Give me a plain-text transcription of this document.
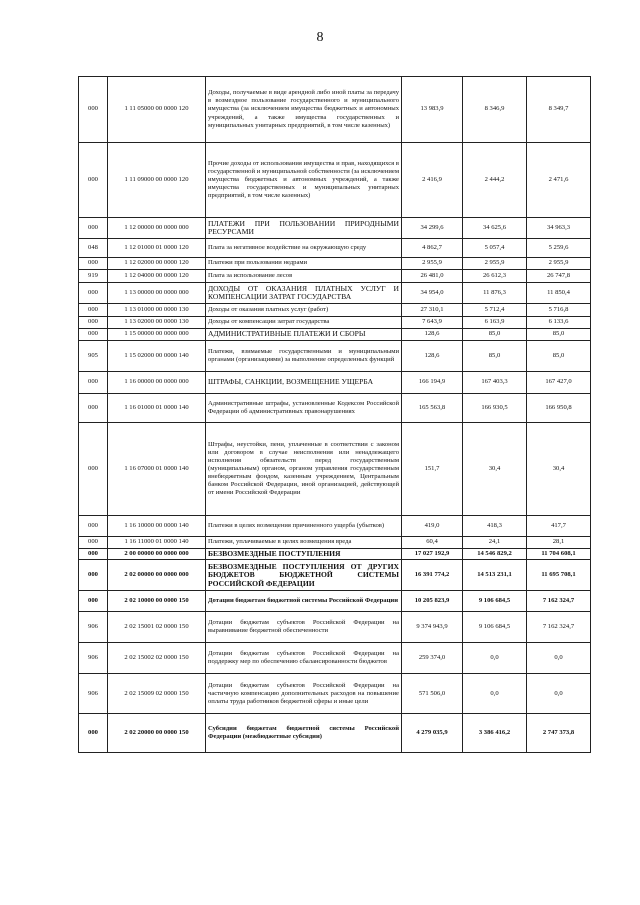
8
000	1 11 05000 00 0000 120	Доходы, получаемые в виде арендной либо иной платы за передачу в возмездное пользование государственного и муниципального имущества (за исключением имущества бюджетных и автономных учреждений, а также имущества государственных и муниципальных унитарных предприятий, в том числе казенных)	13 983,9	8 346,9	8 349,7
000	1 11 09000 00 0000 120	Прочие доходы от использования имущества и прав, находящихся в государственной и муниципальной собственности (за исключением имущества бюджетных и автономных учреждений, а также имущества государственных и муниципальных унитарных предприятий, в том числе казенных)	2 416,9	2 444,2	2 471,6
000	1 12 00000 00 0000 000	ПЛАТЕЖИ ПРИ ПОЛЬЗОВАНИИ ПРИРОДНЫМИ РЕСУРСАМИ	34 299,6	34 625,6	34 963,3
048	1 12 01000 01 0000 120	Плата за негативное воздействие на окружающую среду	4 862,7	5 057,4	5 259,6
000	1 12 02000 00 0000 120	Платежи при пользовании недрами	2 955,9	2 955,9	2 955,9
919	1 12 04000 00 0000 120	Плата за использование лесов	26 481,0	26 612,3	26 747,8
000	1 13 00000 00 0000 000	ДОХОДЫ ОТ ОКАЗАНИЯ ПЛАТНЫХ УСЛУГ И КОМПЕНСАЦИИ ЗАТРАТ ГОСУДАРСТВА	34 954,0	11 876,3	11 850,4
000	1 13 01000 00 0000 130	Доходы от оказания платных услуг (работ)	27 310,1	5 712,4	5 716,8
000	1 13 02000 00 0000 130	Доходы от компенсации затрат государства	7 643,9	6 163,9	6 133,6
000	1 15 00000 00 0000 000	АДМИНИСТРАТИВНЫЕ ПЛАТЕЖИ И СБОРЫ	128,6	85,0	85,0
905	1 15 02000 00 0000 140	Платежи, взимаемые государственными и муниципальными органами (организациями) за выполнение определенных функций	128,6	85,0	85,0
000	1 16 00000 00 0000 000	ШТРАФЫ, САНКЦИИ, ВОЗМЕЩЕНИЕ УЩЕРБА	166 194,9	167 403,3	167 427,0
000	1 16 01000 01 0000 140	Административные штрафы, установленные Кодексом Российской Федерации об административных правонарушениях	165 563,8	166 930,5	166 950,8
000	1 16 07000 01 0000 140	Штрафы, неустойки, пени, уплаченные в соответствии с законом или договором в случае неисполнения или ненадлежащего исполнения обязательств перед государственным (муниципальным) органом, органом управления государственным внебюджетным фондом, казенным учреждением, Центральным банком Российской Федерации, иной организацией, действующей от имени Российской Федерации	151,7	30,4	30,4
000	1 16 10000 00 0000 140	Платежи в целях возмещения причиненного ущерба (убытков)	419,0	418,3	417,7
000	1 16 11000 01 0000 140	Платежи, уплачиваемые в целях возмещения вреда	60,4	24,1	28,1
000	2 00 00000 00 0000 000	БЕЗВОЗМЕЗДНЫЕ ПОСТУПЛЕНИЯ	17 027 192,9	14 546 829,2	11 704 608,1
000	2 02 00000 00 0000 000	БЕЗВОЗМЕЗДНЫЕ ПОСТУПЛЕНИЯ ОТ ДРУГИХ БЮДЖЕТОВ БЮДЖЕТНОЙ СИСТЕМЫ РОССИЙСКОЙ ФЕДЕРАЦИИ	16 391 774,2	14 513 231,1	11 695 708,1
000	2 02 10000 00 0000 150	Дотации бюджетам бюджетной системы Российской Федерации	10 205 823,9	9 106 684,5	7 162 324,7
906	2 02 15001 02 0000 150	Дотации бюджетам субъектов Российской Федерации на выравнивание бюджетной обеспеченности	9 374 943,9	9 106 684,5	7 162 324,7
906	2 02 15002 02 0000 150	Дотации бюджетам субъектов Российской Федерации на поддержку мер по обеспечению сбалансированности бюджетов	259 374,0	0,0	0,0
906	2 02 15009 02 0000 150	Дотации бюджетам субъектов Российской Федерации на частичную компенсацию дополнительных расходов на повышение оплаты труда работников бюджетной сферы и иные цели	571 506,0	0,0	0,0
000	2 02 20000 00 0000 150	Субсидии бюджетам бюджетной системы Российской Федерации (межбюджетные субсидии)	4 279 035,9	3 386 416,2	2 747 373,8
